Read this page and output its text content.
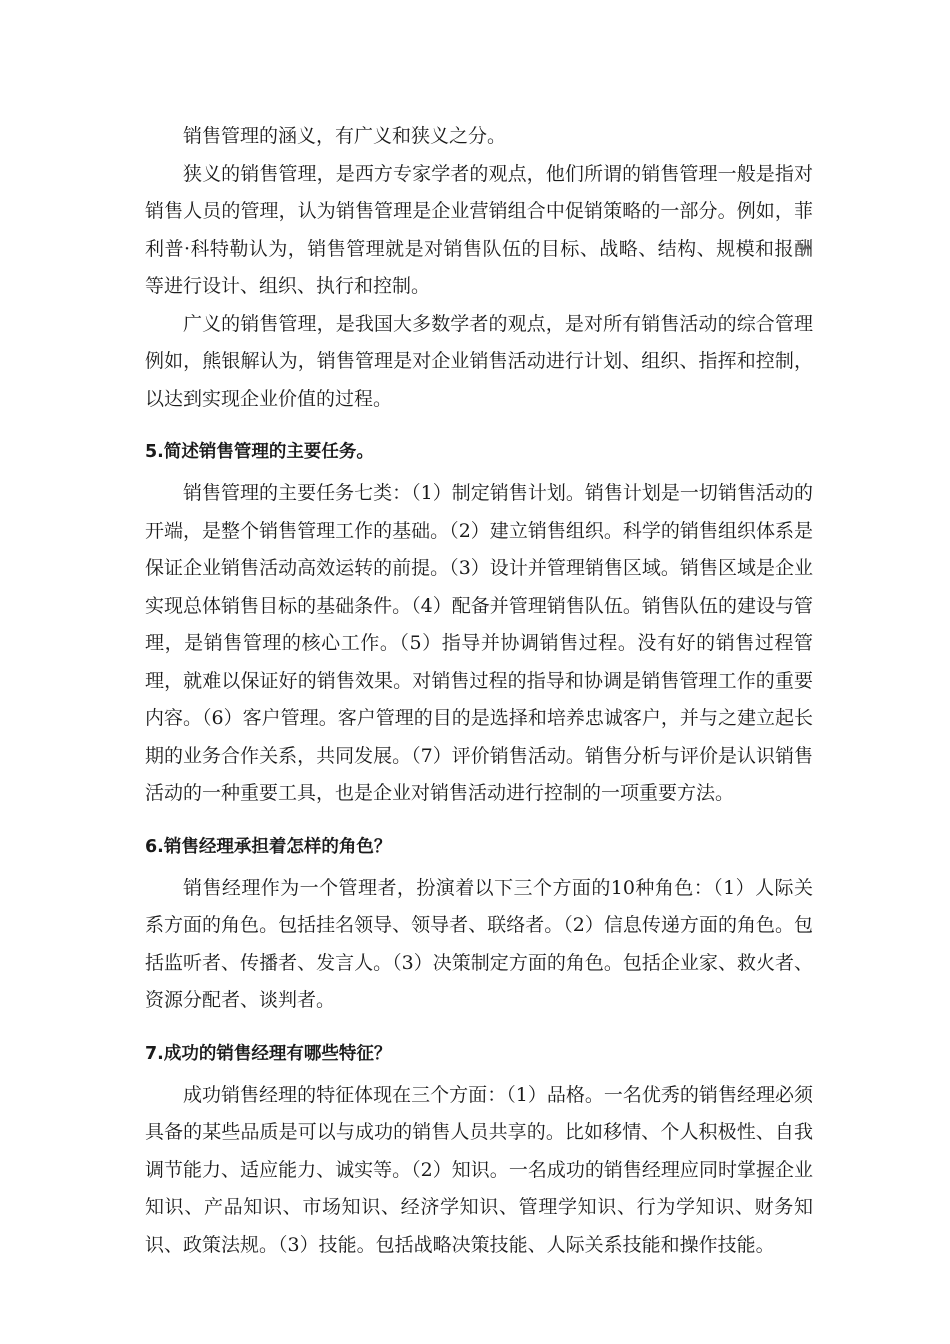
销售管理的涵义，有广义和狭义之分。

狭义的销售管理，是西方专家学者的观点，他们所谓的销售管理一般是指对销售人员的管理，认为销售管理是企业营销组合中促销策略的一部分。例如，菲利普·科特勒认为，销售管理就是对销售队伍的目标、战略、结构、规模和报酬等进行设计、组织、执行和控制。

广义的销售管理，是我国大多数学者的观点，是对所有销售活动的综合管理例如，熊银解认为，销售管理是对企业销售活动进行计划、组织、指挥和控制，以达到实现企业价值的过程。

5.简述销售管理的主要任务。

销售管理的主要任务七类：（1）制定销售计划。销售计划是一切销售活动的开端，是整个销售管理工作的基础。（2）建立销售组织。科学的销售组织体系是保证企业销售活动高效运转的前提。（3）设计并管理销售区域。销售区域是企业实现总体销售目标的基础条件。（4）配备并管理销售队伍。销售队伍的建设与管理，是销售管理的核心工作。（5）指导并协调销售过程。没有好的销售过程管理，就难以保证好的销售效果。对销售过程的指导和协调是销售管理工作的重要内容。（6）客户管理。客户管理的目的是选择和培养忠诚客户，并与之建立起长期的业务合作关系，共同发展。（7）评价销售活动。销售分析与评价是认识销售活动的一种重要工具，也是企业对销售活动进行控制的一项重要方法。

6.销售经理承担着怎样的角色？

销售经理作为一个管理者，扮演着以下三个方面的10种角色：（1）人际关系方面的角色。包括挂名领导、领导者、联络者。（2）信息传递方面的角色。包括监听者、传播者、发言人。（3）决策制定方面的角色。包括企业家、救火者、资源分配者、谈判者。

7.成功的销售经理有哪些特征？

成功销售经理的特征体现在三个方面：（1）品格。一名优秀的销售经理必须具备的某些品质是可以与成功的销售人员共享的。比如移情、个人积极性、自我调节能力、适应能力、诚实等。（2）知识。一名成功的销售经理应同时掌握企业知识、产品知识、市场知识、经济学知识、管理学知识、行为学知识、财务知识、政策法规。（3）技能。包括战略决策技能、人际关系技能和操作技能。
